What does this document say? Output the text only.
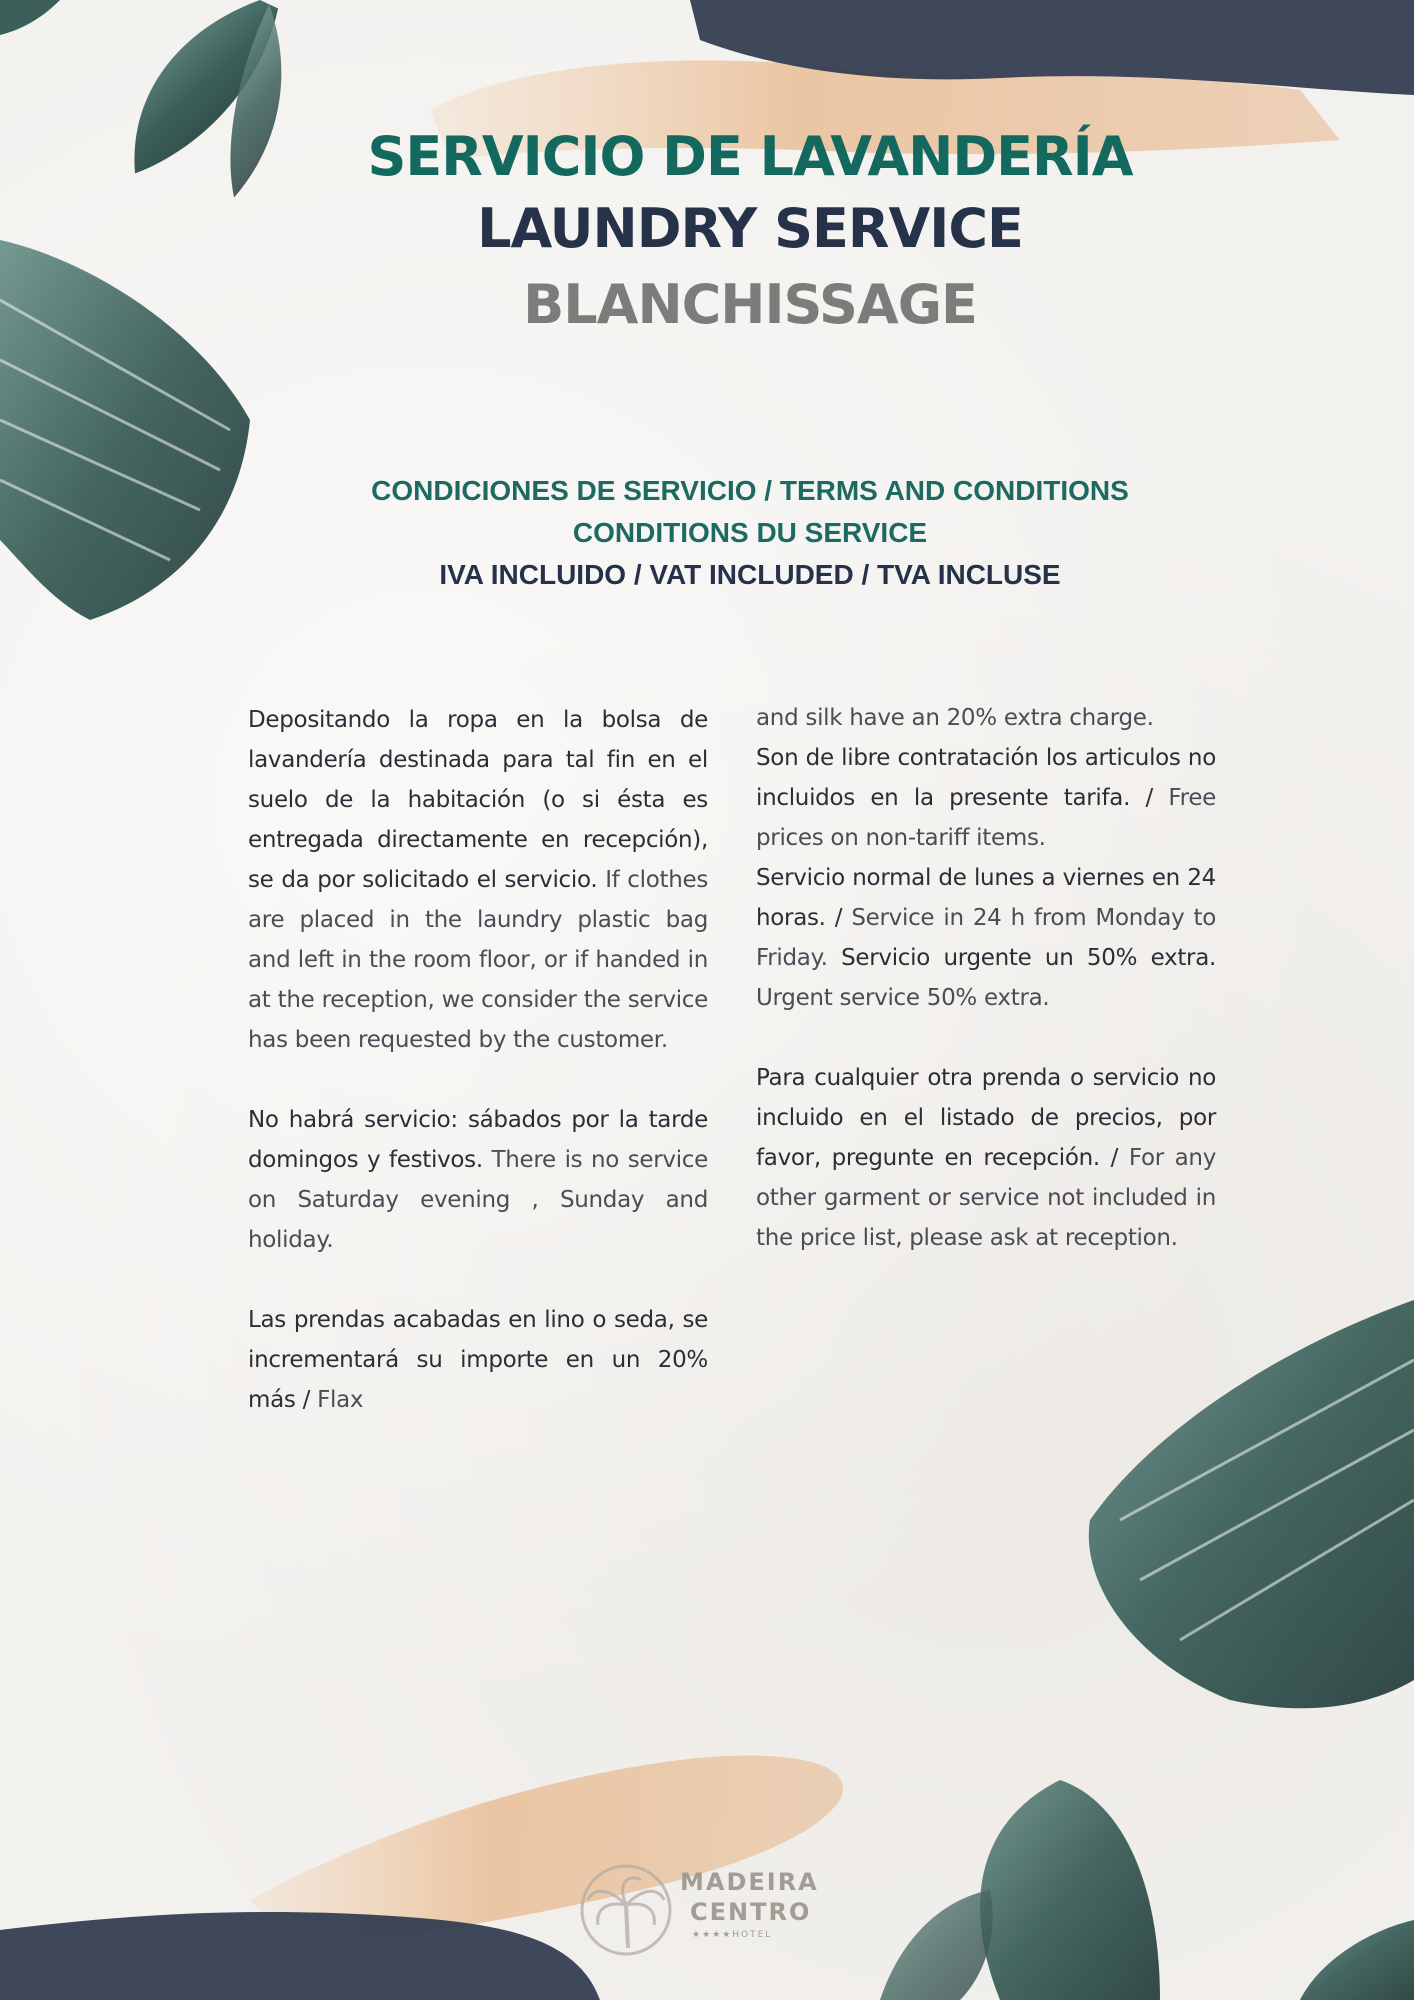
SERVICIO DE LAVANDERÍA
LAUNDRY SERVICE
BLANCHISSAGE
CONDICIONES DE SERVICIO / TERMS AND CONDITIONS
CONDITIONS DU SERVICE
IVA INCLUIDO / VAT INCLUDED / TVA INCLUSE

Depositando la ropa en la bolsa de lavandería destinada para tal fin en el suelo de la habitación (o si ésta es entregada directamente en recepción), se da por solicitado el servicio. If clothes are placed in the laundry plastic bag and left in the room floor, or if handed in at the reception, we consider the service has been requested by the customer.

No habrá servicio: sábados por la tarde domingos y festivos. There is no service on Saturday evening , Sunday and holiday.

Las prendas acabadas en lino o seda, se incrementará su importe en un 20% más / Flax

and silk have an 20% extra charge.

Son de libre contratación los articulos no incluidos en la presente tarifa. / Free prices on non-tariff items.

Servicio normal de lunes a viernes en 24 horas. / Service in 24 h from Monday to Friday. Servicio urgente un 50% extra. Urgent service 50% extra.

Para cualquier otra prenda o servicio no incluido en el listado de precios, por favor, pregunte en recepción. / For any other garment or service not included in the price list, please ask at reception.

MADEIRA
CENTRO
★★★★HOTEL
